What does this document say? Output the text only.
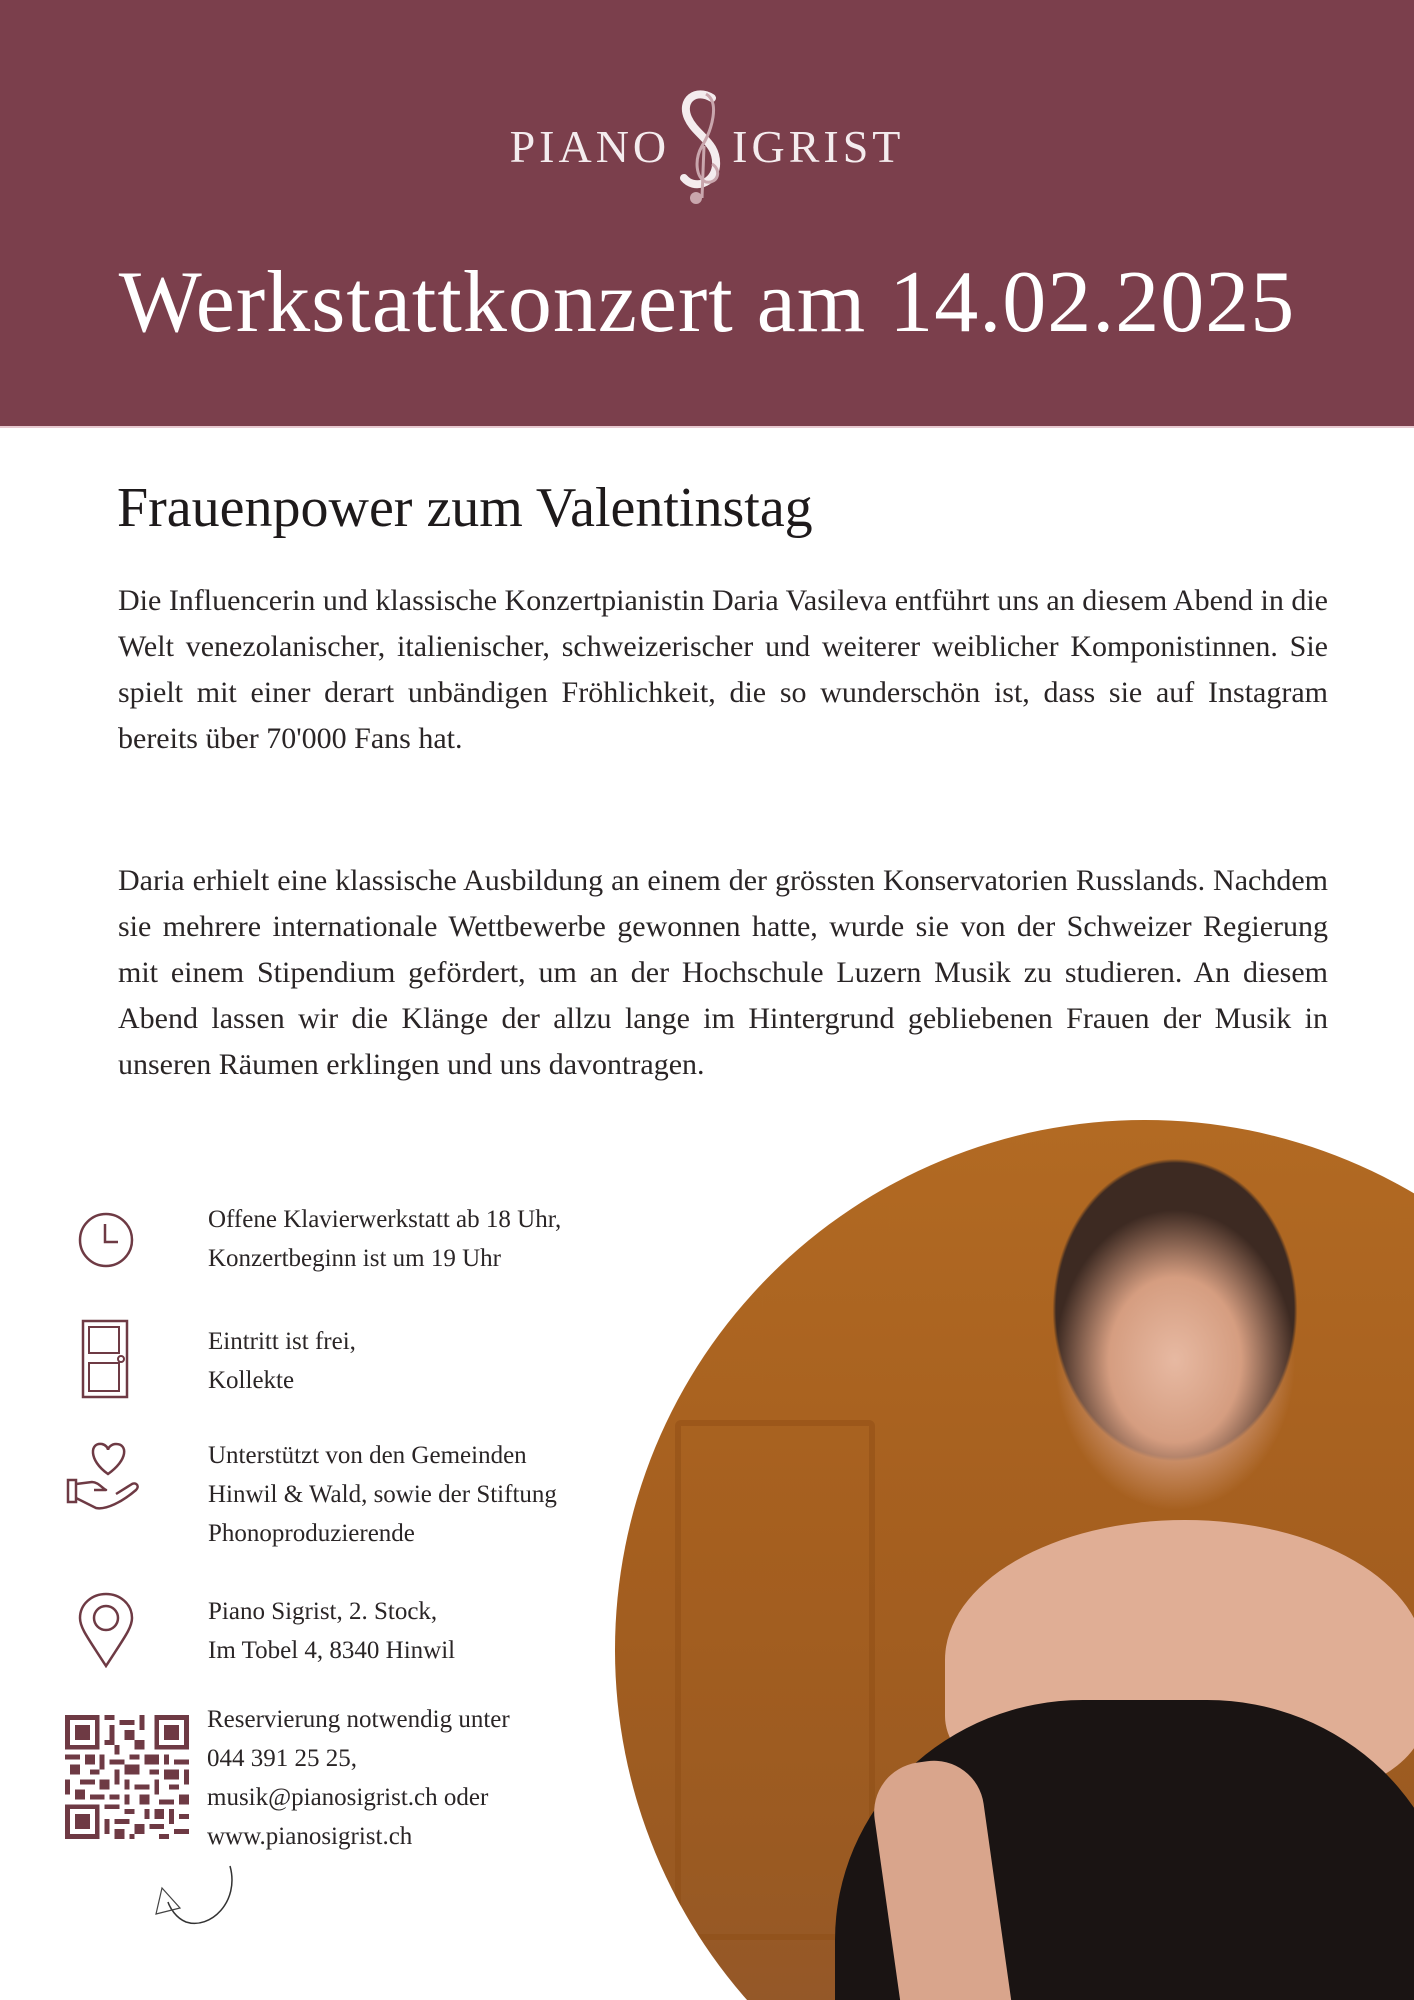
PIANO IGRIST
Werkstattkonzert am 14.02.2025
Frauenpower zum Valentinstag

Die Influencerin und klassische Konzertpianistin Daria Vasileva entführt uns an diesem Abend in die Welt venezolanischer, italienischer, schweizerischer und weiterer weiblicher Komponistinnen. Sie spielt mit einer derart unbändigen Fröhlichkeit, die so wunderschön ist, dass sie auf Instagram bereits über 70'000 Fans hat.

Daria erhielt eine klassische Ausbildung an einem der grössten Konservatorien Russlands. Nachdem sie mehrere internationale Wettbewerbe gewonnen hatte, wurde sie von der Schweizer Regierung mit einem Stipendium gefördert, um an der Hochschule Luzern Musik zu studieren. An diesem Abend lassen wir die Klänge der allzu lange im Hintergrund gebliebenen Frauen der Musik in unseren Räumen erklingen und uns davontragen.

Offene Klavierwerkstatt ab 18 Uhr,
Konzertbeginn ist um 19 Uhr
Eintritt ist frei,
Kollekte
Unterstützt von den Gemeinden
Hinwil & Wald, sowie der Stiftung
Phonoproduzierende
Piano Sigrist, 2. Stock,
Im Tobel 4, 8340 Hinwil
Reservierung notwendig unter
044 391 25 25,
musik@pianosigrist.ch oder
www.pianosigrist.ch
